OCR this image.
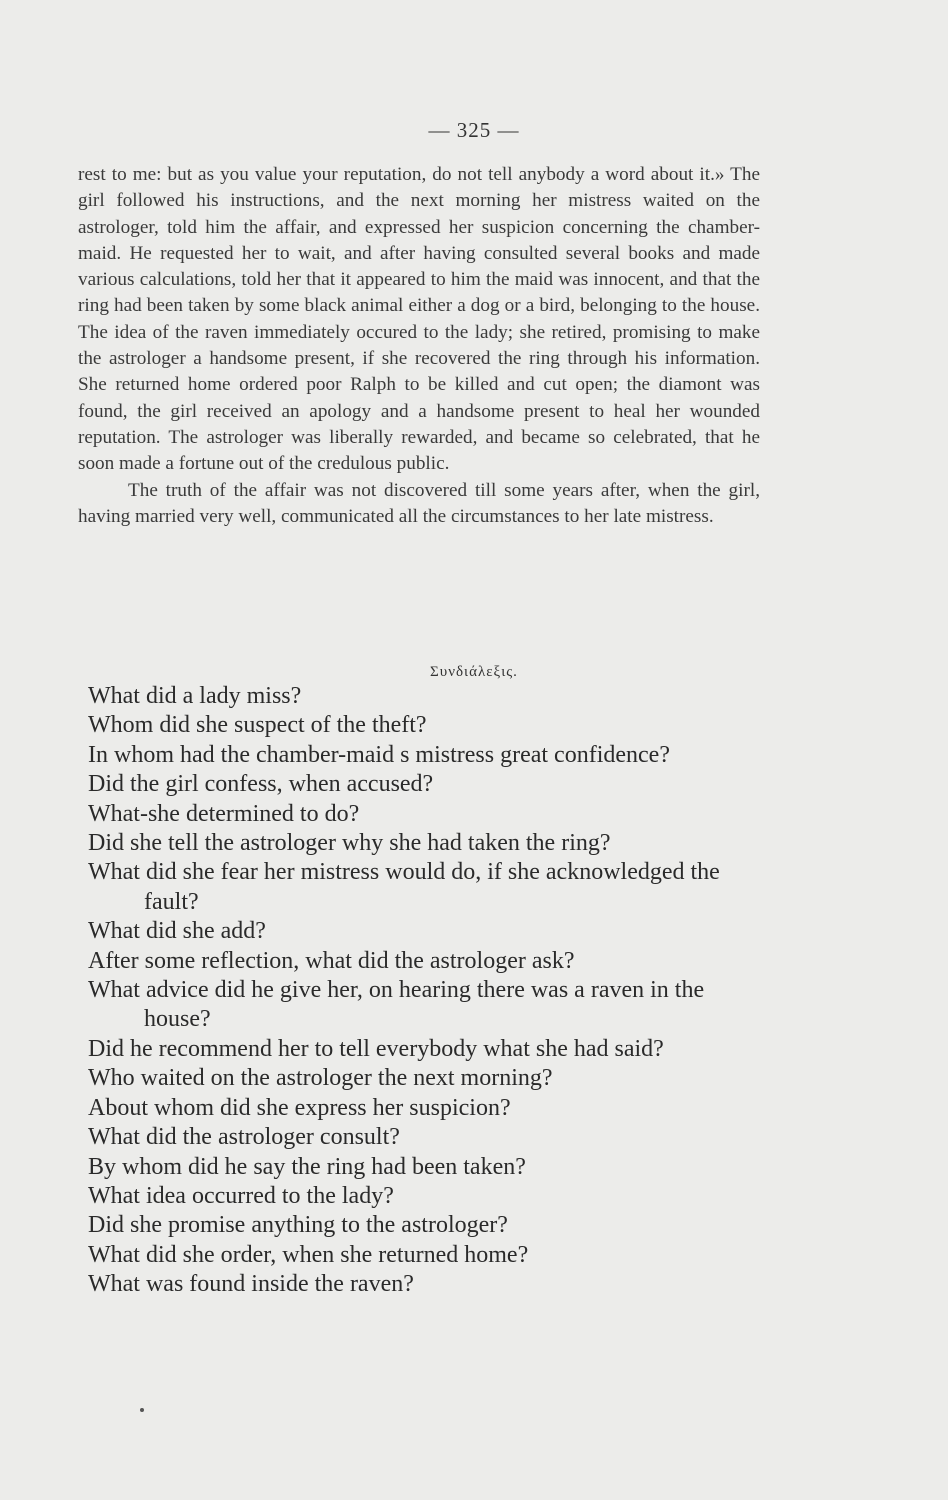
— 325 —

rest to me: but as you value your reputation, do not tell anybody a word about it.» The girl followed his instructions, and the next morning her mistress waited on the astrologer, told him the affair, and expressed her suspicion concerning the chamber-maid. He requested her to wait, and after having consulted several books and made various calculations, told her that it appeared to him the maid was innocent, and that the ring had been taken by some black animal either a dog or a bird, belonging to the house. The idea of the raven immediately occured to the lady; she retired, promising to make the astrologer a handsome present, if she recovered the ring through his information. She returned home ordered poor Ralph to be killed and cut open; the diamont was found, the girl received an apology and a handsome present to heal her wounded reputation. The astrologer was liberally rewarded, and became so celebrated, that he soon made a fortune out of the credulous public.

The truth of the affair was not discovered till some years after, when the girl, having married very well, communicated all the circumstances to her late mistress.

Συνδιάλεξις.
What did a lady miss?
Whom did she suspect of the theft?
In whom had the chamber-maid s mistress great confidence?
Did the girl confess, when accused?
What-she determined to do?
Did she tell the astrologer why she had taken the ring?
What did she fear her mistress would do, if she acknowledged the fault?
What did she add?
After some reflection, what did the astrologer ask?
What advice did he give her, on hearing there was a raven in the house?
Did he recommend her to tell everybody what she had said?
Who waited on the astrologer the next morning?
About whom did she express her suspicion?
What did the astrologer consult?
By whom did he say the ring had been taken?
What idea occurred to the lady?
Did she promise anything to the astrologer?
What did she order, when she returned home?
What was found inside the raven?
